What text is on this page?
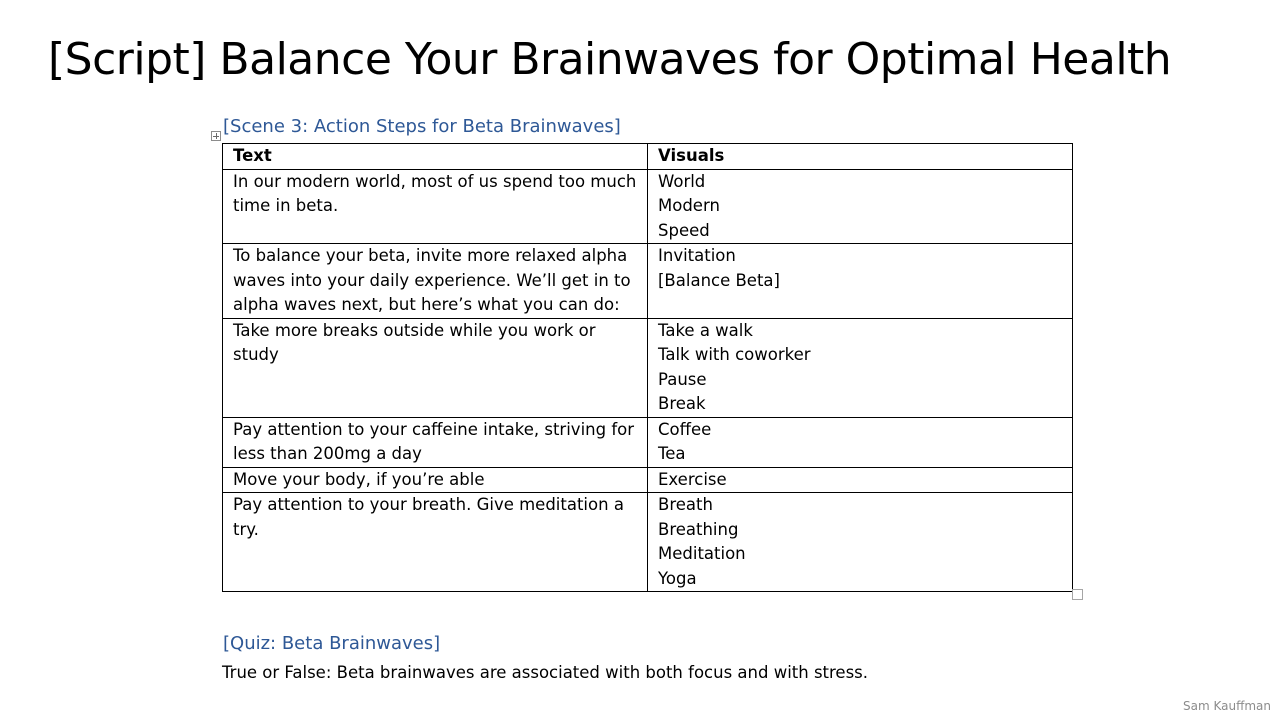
[Script] Balance Your Brainwaves for Optimal Health
[Scene 3: Action Steps for Beta Brainwaves]
Text	Visuals
In our modern world, most of us spend too much time in beta.	World
Modern
Speed

To balance your beta, invite more relaxed alpha waves into your daily experience. We’ll get in to alpha waves next, but here’s what you can do:	Invitation
[Balance Beta]

Take more breaks outside while you work or study	Take a walk
Talk with coworker
Pause
Break

Pay attention to your caffeine intake, striving for less than 200mg a day	Coffee
Tea

Move your body, if you’re able	Exercise

Pay attention to your breath. Give meditation a try.	Breath
Breathing
Meditation
Yoga
[Quiz: Beta Brainwaves]

True or False: Beta brainwaves are associated with both focus and with stress.

Sam Kauffman
